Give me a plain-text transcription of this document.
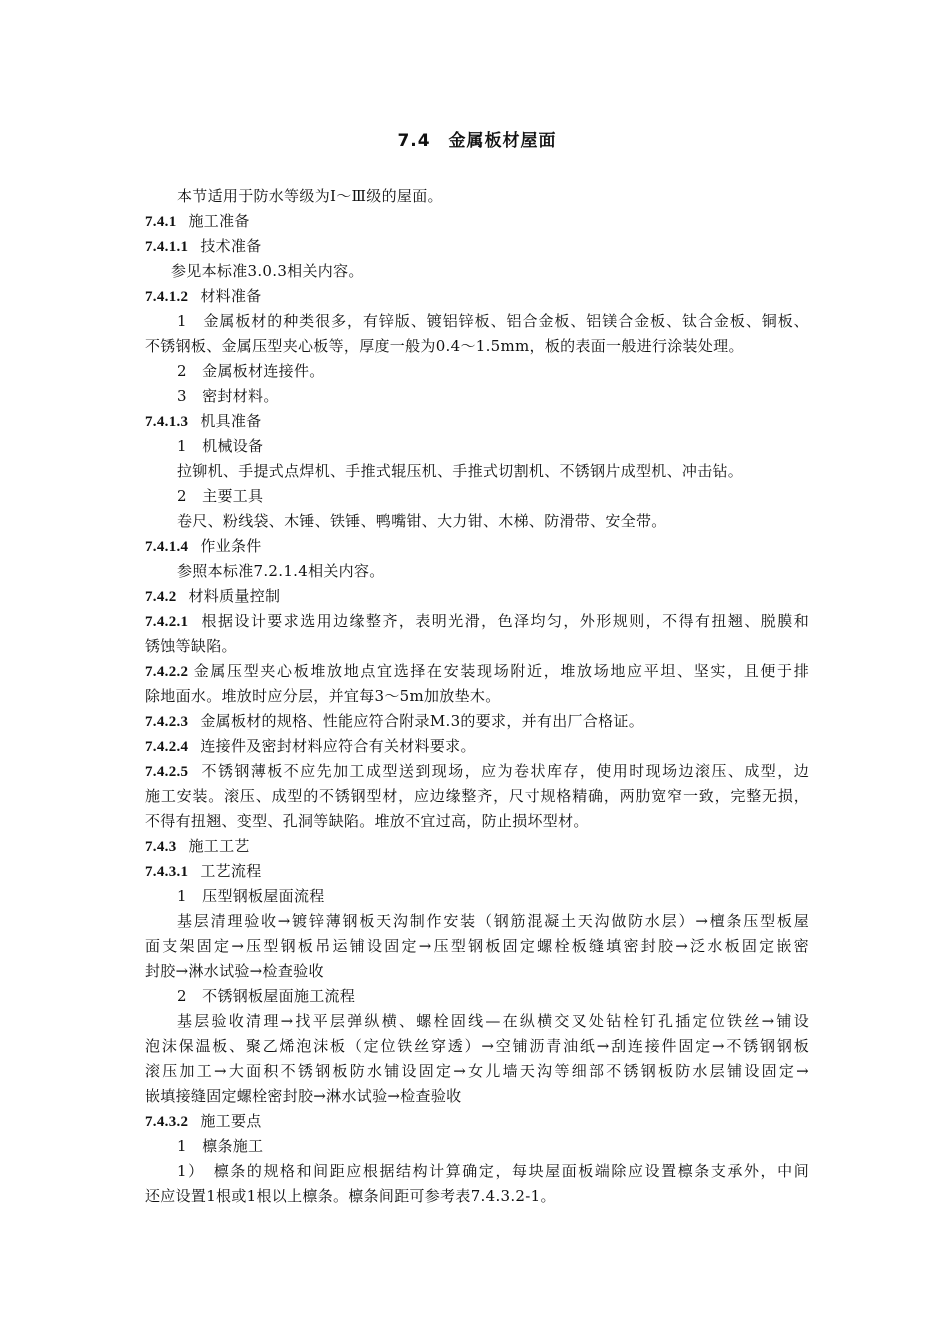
7.4　金属板材屋面
本节适用于防水等级为Ⅰ～Ⅲ级的屋面。
7.4.1 施工准备
7.4.1.1 技术准备
参见本标准3.0.3相关内容。
7.4.1.2 材料准备
1　金属板材的种类很多，有锌版、镀铝锌板、铝合金板、铝镁合金板、钛合金板、铜板、
不锈钢板、金属压型夹心板等，厚度一般为0.4～1.5mm，板的表面一般进行涂装处理。
2　金属板材连接件。
3　密封材料。
7.4.1.3 机具准备
1　机械设备
拉铆机、手提式点焊机、手推式辊压机、手推式切割机、不锈钢片成型机、冲击钻。
2　主要工具
卷尺、粉线袋、木锤、铁锤、鸭嘴钳、大力钳、木梯、防滑带、安全带。
7.4.1.4 作业条件
参照本标准7.2.1.4相关内容。
7.4.2 材料质量控制
7.4.2.1 根据设计要求选用边缘整齐，表明光滑，色泽均匀，外形规则，不得有扭翘、脱膜和
锈蚀等缺陷。
7.4.2.2 金属压型夹心板堆放地点宜选择在安装现场附近，堆放场地应平坦、坚实，且便于排
除地面水。堆放时应分层，并宜每3～5m加放垫木。
7.4.2.3 金属板材的规格、性能应符合附录M.3的要求，并有出厂合格证。
7.4.2.4 连接件及密封材料应符合有关材料要求。
7.4.2.5 不锈钢薄板不应先加工成型送到现场，应为卷状库存，使用时现场边滚压、成型，边
施工安装。滚压、成型的不锈钢型材，应边缘整齐，尺寸规格精确，两肋宽窄一致，完整无损，
不得有扭翘、变型、孔洞等缺陷。堆放不宜过高，防止损坏型材。
7.4.3 施工工艺
7.4.3.1 工艺流程
1　压型钢板屋面流程
基层清理验收→镀锌薄钢板天沟制作安装（钢筋混凝土天沟做防水层）→檀条压型板屋
面支架固定→压型钢板吊运铺设固定→压型钢板固定螺栓板缝填密封胶→泛水板固定嵌密
封胶→淋水试验→检查验收
2　不锈钢板屋面施工流程
基层验收清理→找平层弹纵横、螺栓固线—在纵横交叉处钻栓钉孔插定位铁丝→铺设
泡沫保温板、聚乙烯泡沫板（定位铁丝穿透）→空铺沥青油纸→刮连接件固定→不锈钢钢板
滚压加工→大面积不锈钢板防水铺设固定→女儿墙天沟等细部不锈钢板防水层铺设固定→
嵌填接缝固定螺栓密封胶→淋水试验→检查验收
7.4.3.2 施工要点
1　檩条施工
1）　檩条的规格和间距应根据结构计算确定，每块屋面板端除应设置檩条支承外，中间
还应设置1根或1根以上檩条。檩条间距可参考表7.4.3.2-1。
